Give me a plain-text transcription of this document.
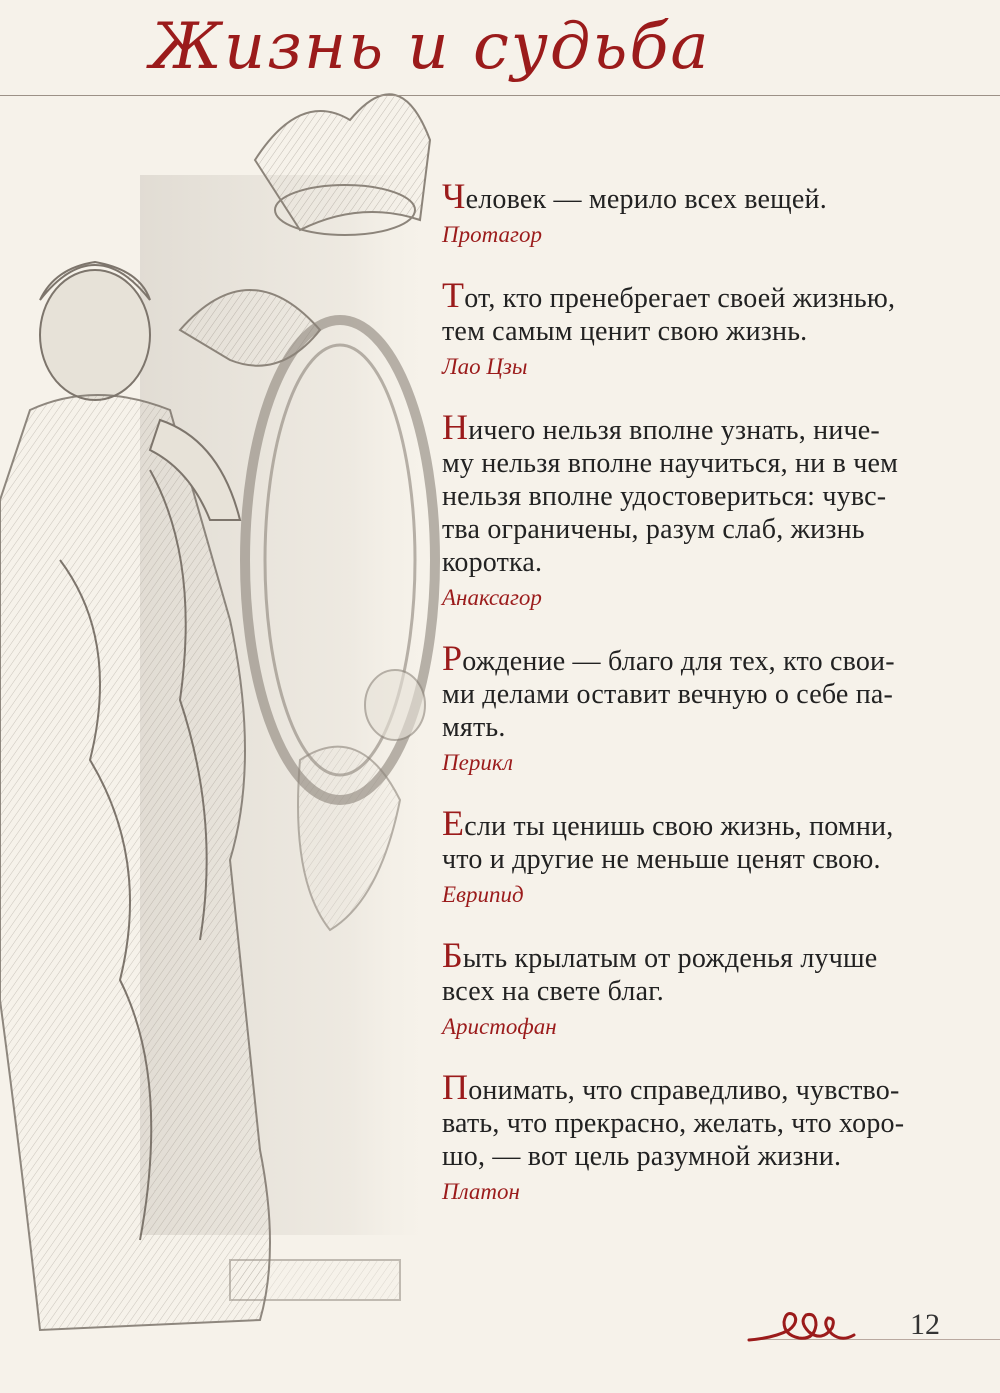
Жизнь и судьба

Человек — мерило всех вещей.

Протагор

Тот, кто пренебрегает своей жизнью,
тем самым ценит свою жизнь.

Лао Цзы

Ничего нельзя вполне узнать, ниче-
му нельзя вполне научиться, ни в чем
нельзя вполне удостовериться: чувс-
тва ограничены, разум слаб, жизнь
коротка.

Анаксагор

Рождение — благо для тех, кто свои-
ми делами оставит вечную о себе па-
мять.

Перикл

Если ты ценишь свою жизнь, помни,
что и другие не меньше ценят свою.

Еврипид

Быть крылатым от рожденья лучше
всех на свете благ.

Аристофан

Понимать, что справедливо, чувство-
вать, что прекрасно, желать, что хоро-
шо, — вот цель разумной жизни.

Платон

12
